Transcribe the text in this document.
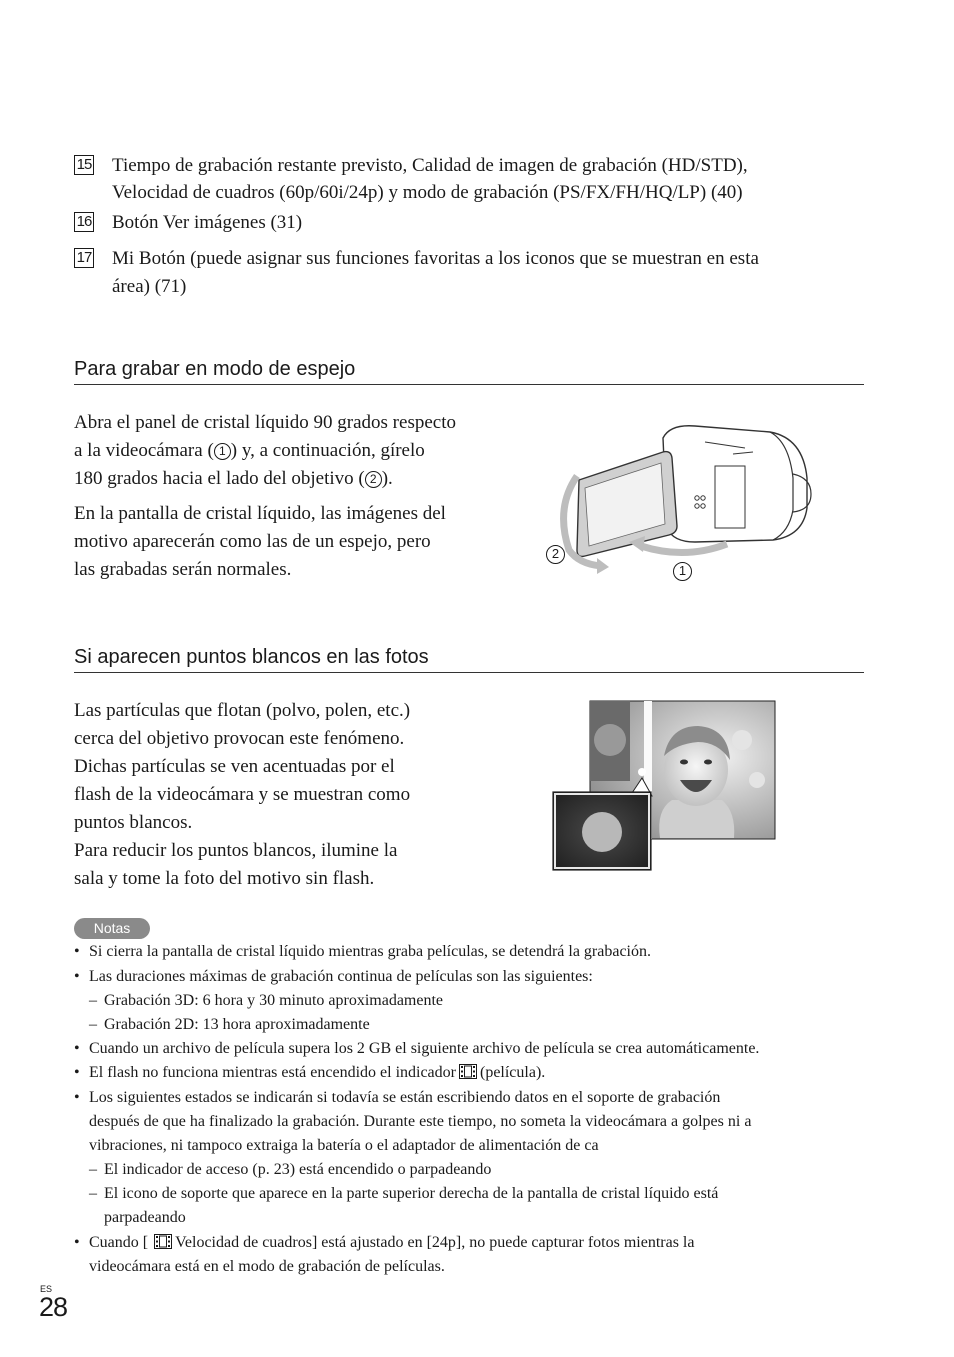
15 Tiempo de grabación restante previsto, Calidad de imagen de grabación (HD/STD),
Velocidad de cuadros (60p/60i/24p) y modo de grabación (PS/FX/FH/HQ/LP) (40)
16 Botón Ver imágenes (31)
17 Mi Botón (puede asignar sus funciones favoritas a los iconos que se muestran en esta
área) (71)
Para grabar en modo de espejo
Abra el panel de cristal líquido 90 grados respecto
a la videocámara ( 1 ) y, a continuación, gírelo
180 grados hacia el lado del objetivo ( 2 ).
En la pantalla de cristal líquido, las imágenes del
motivo aparecerán como las de un espejo, pero
las grabadas serán normales.
2
1
Si aparecen puntos blancos en las fotos
Las partículas que flotan (polvo, polen, etc.)
cerca del objetivo provocan este fenómeno.
Dichas partículas se ven acentuadas por el
flash de la videocámara y se muestran como
puntos blancos.
Para reducir los puntos blancos, ilumine la
sala y tome la foto del motivo sin flash.
Notas
• Si cierra la pantalla de cristal líquido mientras graba películas, se detendrá la grabación.
• Las duraciones máximas de grabación continua de películas son las siguientes:
– Grabación 3D: 6 hora y 30 minuto aproximadamente
– Grabación 2D: 13 hora aproximadamente
• Cuando un archivo de película supera los 2 GB el siguiente archivo de película se crea automáticamente.
• El flash no funciona mientras está encendido el indicador (película).
• Los siguientes estados se indicarán si todavía se están escribiendo datos en el soporte de grabación
después de que ha finalizado la grabación. Durante este tiempo, no someta la videocámara a golpes ni a
vibraciones, ni tampoco extraiga la batería o el adaptador de alimentación de ca
– El indicador de acceso (p. 23) está encendido o parpadeando
– El icono de soporte que aparece en la parte superior derecha de la pantalla de cristal líquido está
parpadeando
• Cuando [ Velocidad de cuadros] está ajustado en [24p], no puede capturar fotos mientras la
videocámara está en el modo de grabación de películas.
ES
28
